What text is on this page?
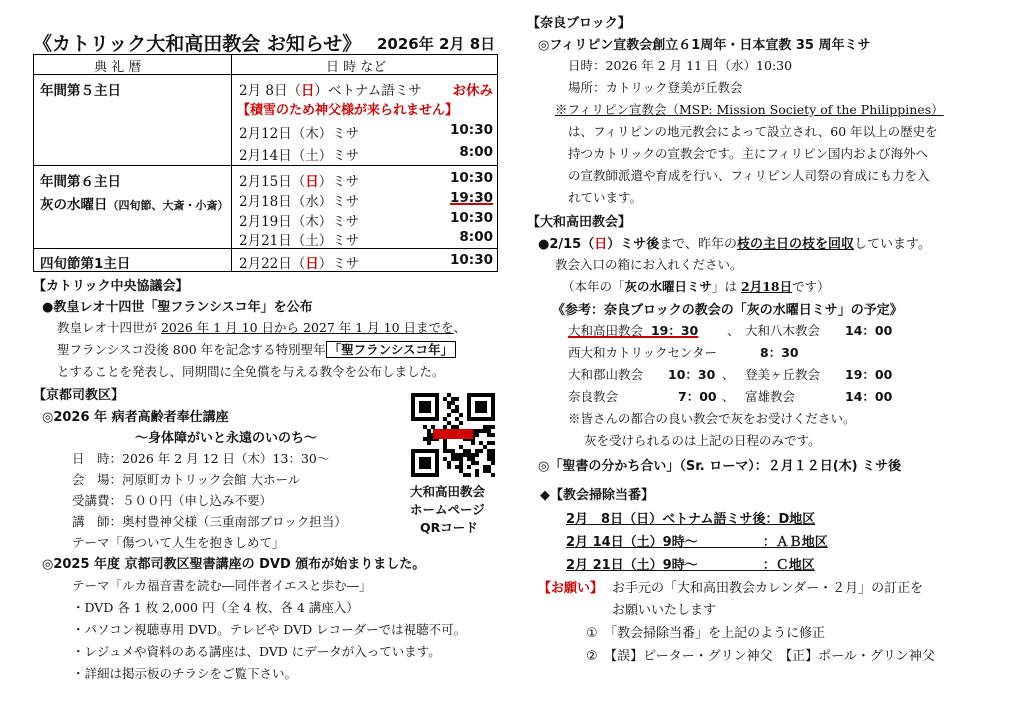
《カトリック大和高田教会 お知らせ》 2026年 2月 8日
典 礼 暦	日 時 など
年間第５主日	2月 8日（日）ベトナム語ミサ お休み
【積雪のため神父様が来られません】
2月12日（木）ミサ	10:30
2月14日（土）ミサ	8:00
年間第６主日
灰の水曜日（四旬節、大斎・小斎）
2月15日（日）ミサ	10:30
2月18日（水）ミサ	19:30
2月19日（木）ミサ	10:30
2月21日（土）ミサ	8:00
四旬節第1主日	2月22日（日）ミサ	10:30
【カトリック中央協議会】
●教皇レオ十四世「聖フランシスコ年」を公布
教皇レオ十四世が 2026 年 1 月 10 日から 2027 年 1 月 10 日までを、
聖フランシスコ没後 800 年を記念する特別聖年 「聖フランシスコ年」
とすることを発表し、同期間に全免償を与える教令を公布しました。
【京都司教区】
◎2026 年 病者高齢者奉仕講座
～身体障がいと永遠のいのち～
日　時：2026 年 2 月 12 日（木）13：30～
会　場：河原町カトリック会館 大ホール
受講費：５００円（申し込み不要）
講　師：奥村豊神父様（三重南部ブロック担当）
テーマ「傷ついて人生を抱きしめて」
大和高田教会
ホームページ
QRコード
◎2025 年度 京都司教区聖書講座の DVD 頒布が始まりました。
テーマ「ルカ福音書を読む―同伴者イエスと歩む―」
・DVD 各 1 枚 2,000 円（全 4 枚、各 4 講座入）
・パソコン視聴専用 DVD。テレビや DVD レコーダーでは視聴不可。
・レジュメや資料のある講座は、DVD にデータが入っています。
・詳細は掲示板のチラシをご覧下さい。
【奈良ブロック】
◎フィリピン宣教会創立６1周年・日本宣教 35 周年ミサ
日時：2026 年 2 月 11 日（水）10:30
場所：カトリック登美が丘教会
※フィリピン宣教会（MSP: Mission Society of the Philippines）
は、フィリピンの地元教会によって設立され、60 年以上の歴史を
持つカトリックの宣教会です。主にフィリピン国内および海外へ
の宣教師派遣や育成を行い、フィリピン人司祭の育成にも力を入
れています。
【大和高田教会】
●2/15（日）ミサ後まで、昨年の枝の主日の枝を回収しています。
教会入口の箱にお入れください。
（本年の「灰の水曜日ミサ」は 2月18日です）
《参考：奈良ブロックの教会の「灰の水曜日ミサ」の予定》
大和高田教会 19：30 、 大和八木教会 14：00
西大和カトリックセンター	8：30
大和郡山教会 10：30 、 登美ヶ丘教会 19：00
奈良教会	7：00 、 富雄教会	14：00
※皆さんの都合の良い教会で灰をお受けください。
灰を受けられるのは上記の日程のみです。
◎「聖書の分かち合い」（Sr. ローマ）：２月１２日(木) ミサ後
◆【教会掃除当番】
2月　8日（日）ベトナム語ミサ後：D地区
2月 14日（土）9時～　　　　　：ＡＢ地区
2月 21日（土）9時～　　　　　：Ｃ地区
【お願い】 お手元の「大和高田教会カレンダー・２月」の訂正を
お願いいたします
①　「教会掃除当番」を上記のように修正
②　【誤】ピーター・グリン神父　【正】ポール・グリン神父
